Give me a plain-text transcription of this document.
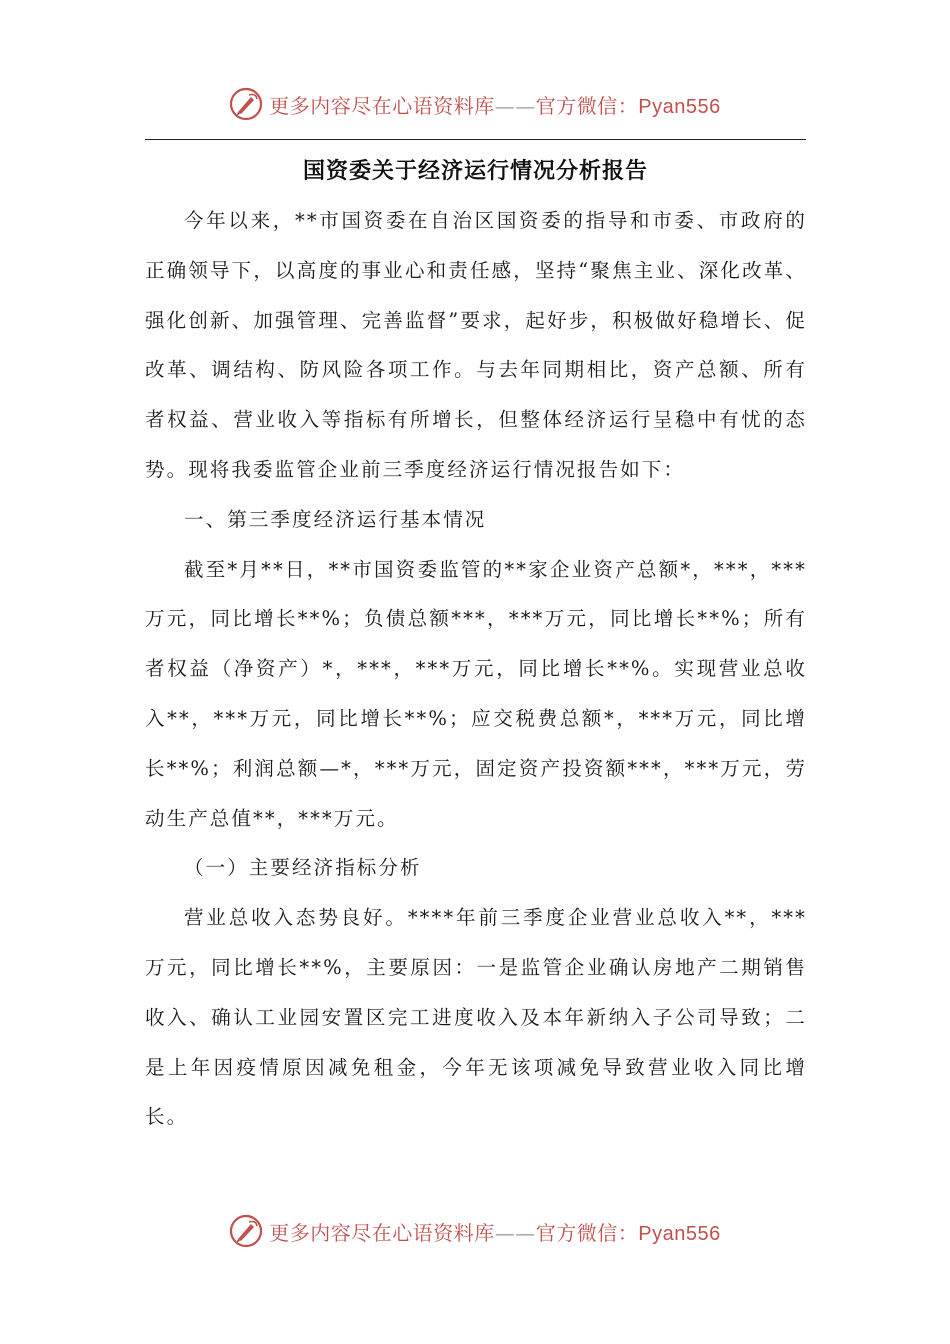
更多内容尽在心语资料库——官方微信：Pyan556
国资委关于经济运行情况分析报告

今年以来，**市国资委在自治区国资委的指导和市委、市政府的正确领导下，以高度的事业心和责任感，坚持“聚焦主业、深化改革、强化创新、加强管理、完善监督”要求，起好步，积极做好稳增长、促改革、调结构、防风险各项工作。与去年同期相比，资产总额、所有者权益、营业收入等指标有所增长，但整体经济运行呈稳中有忧的态势。现将我委监管企业前三季度经济运行情况报告如下：

一、第三季度经济运行基本情况

截至*月**日，**市国资委监管的**家企业资产总额*，***，***万元，同比增长**%；负债总额***，***万元，同比增长**%；所有者权益（净资产）*，***，***万元，同比增长**%。实现营业总收入**，***万元，同比增长**%；应交税费总额*，***万元，同比增长**%；利润总额—*，***万元，固定资产投资额***，***万元，劳动生产总值**，***万元。

（一）主要经济指标分析

营业总收入态势良好。****年前三季度企业营业总收入**，***万元，同比增长**%，主要原因：一是监管企业确认房地产二期销售收入、确认工业园安置区完工进度收入及本年新纳入子公司导致；二是上年因疫情原因减免租金，今年无该项减免导致营业收入同比增长。

更多内容尽在心语资料库——官方微信：Pyan556
